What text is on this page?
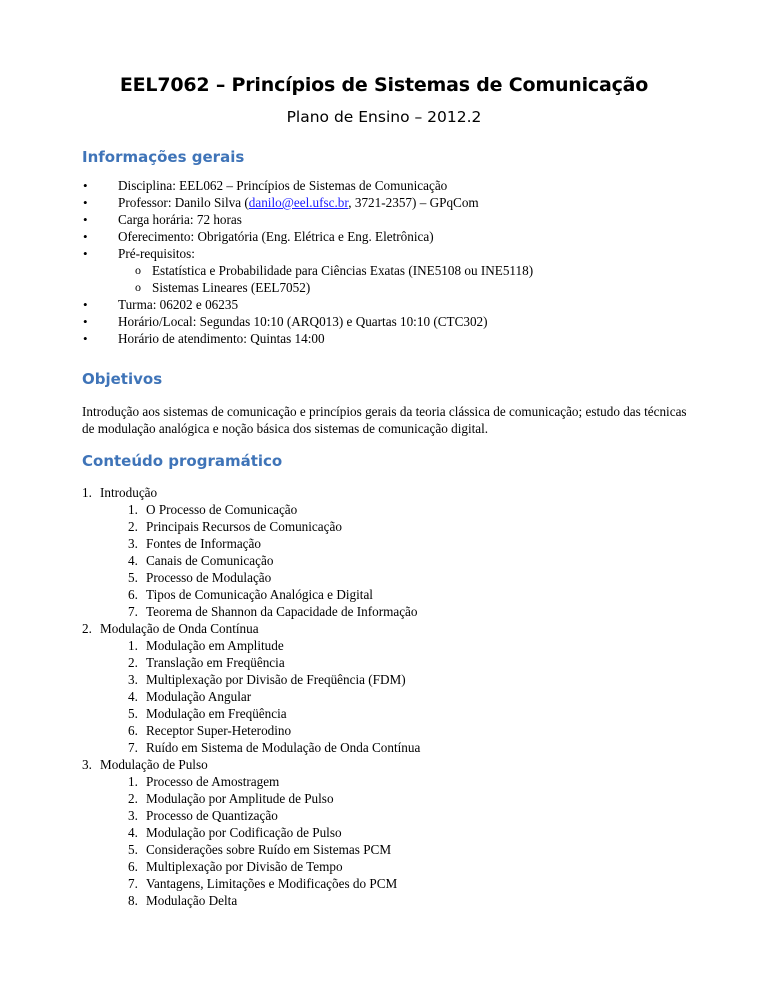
EEL7062 – Princípios de Sistemas de Comunicação
Plano de Ensino – 2012.2
Informações gerais
• Disciplina: EEL062 – Princípios de Sistemas de Comunicação
• Professor: Danilo Silva (danilo@eel.ufsc.br, 3721-2357) – GPqCom
• Carga horária: 72 horas
• Oferecimento: Obrigatória (Eng. Elétrica e Eng. Eletrônica)
• Pré-requisitos:
o Estatística e Probabilidade para Ciências Exatas (INE5108 ou INE5118)
o Sistemas Lineares (EEL7052)
• Turma: 06202 e 06235
• Horário/Local: Segundas 10:10 (ARQ013) e Quartas 10:10 (CTC302)
• Horário de atendimento: Quintas 14:00
Objetivos

Introdução aos sistemas de comunicação e princípios gerais da teoria clássica de comunicação; estudo das técnicas de modulação analógica e noção básica dos sistemas de comunicação digital.

Conteúdo programático
1. Introdução
1. O Processo de Comunicação
2. Principais Recursos de Comunicação
3. Fontes de Informação
4. Canais de Comunicação
5. Processo de Modulação
6. Tipos de Comunicação Analógica e Digital
7. Teorema de Shannon da Capacidade de Informação
2. Modulação de Onda Contínua
1. Modulação em Amplitude
2. Translação em Freqüência
3. Multiplexação por Divisão de Freqüência (FDM)
4. Modulação Angular
5. Modulação em Freqüência
6. Receptor Super-Heterodino
7. Ruído em Sistema de Modulação de Onda Contínua
3. Modulação de Pulso
1. Processo de Amostragem
2. Modulação por Amplitude de Pulso
3. Processo de Quantização
4. Modulação por Codificação de Pulso
5. Considerações sobre Ruído em Sistemas PCM
6. Multiplexação por Divisão de Tempo
7. Vantagens, Limitações e Modificações do PCM
8. Modulação Delta
